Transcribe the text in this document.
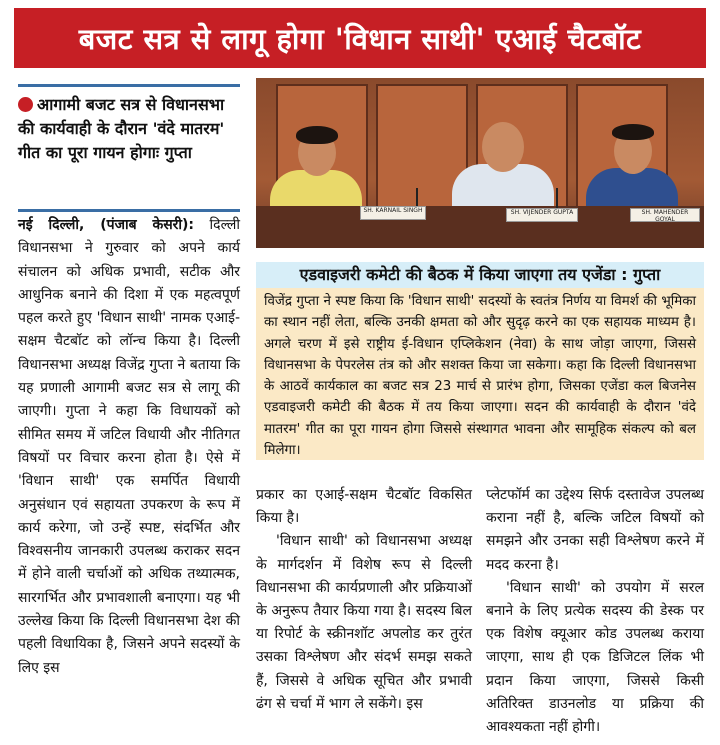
बजट सत्र से लागू होगा 'विधान साथी' एआई चैटबॉट
आगामी बजट सत्र से विधानसभा की कार्यवाही के दौरान 'वंदे मातरम' गीत का पूरा गायन होगाः गुप्ता
नई दिल्ली, (पंजाब केसरी): दिल्ली विधानसभा ने गुरुवार को अपने कार्य संचालन को अधिक प्रभावी, सटीक और आधुनिक बनाने की दिशा में एक महत्वपूर्ण पहल करते हुए 'विधान साथी' नामक एआई-सक्षम चैटबॉट को लॉन्च किया है। दिल्ली विधानसभा अध्यक्ष विजेंद्र गुप्ता ने बताया कि यह प्रणाली आगामी बजट सत्र से लागू की जाएगी। गुप्ता ने कहा कि विधायकों को सीमित समय में जटिल विधायी और नीतिगत विषयों पर विचार करना होता है। ऐसे में 'विधान साथी' एक समर्पित विधायी अनुसंधान एवं सहायता उपकरण के रूप में कार्य करेगा, जो उन्हें स्पष्ट, संदर्भित और विश्वसनीय जानकारी उपलब्ध कराकर सदन में होने वाली चर्चाओं को अधिक तथ्यात्मक, सारगर्भित और प्रभावशाली बनाएगा। यह भी उल्लेख किया कि दिल्ली विधानसभा देश की पहली विधायिका है, जिसने अपने सदस्यों के लिए इस
SH. KARNAIL SINGH	SH. VIJENDER GUPTA	SH. MAHENDER GOYAL
एडवाइजरी कमेटी की बैठक में किया जाएगा तय एजेंडा : गुप्ता
विजेंद्र गुप्ता ने स्पष्ट किया कि 'विधान साथी' सदस्यों के स्वतंत्र निर्णय या विमर्श की भूमिका का स्थान नहीं लेता, बल्कि उनकी क्षमता को और सुदृढ़ करने का एक सहायक माध्यम है। अगले चरण में इसे राष्ट्रीय ई-विधान एप्लिकेशन (नेवा) के साथ जोड़ा जाएगा, जिससे विधानसभा के पेपरलेस तंत्र को और सशक्त किया जा सकेगा। कहा कि दिल्ली विधानसभा के आठवें कार्यकाल का बजट सत्र 23 मार्च से प्रारंभ होगा, जिसका एजेंडा कल बिजनेस एडवाइजरी कमेटी की बैठक में तय किया जाएगा। सदन की कार्यवाही के दौरान 'वंदे मातरम' गीत का पूरा गायन होगा जिससे संस्थागत भावना और सामूहिक संकल्प को बल मिलेगा।
प्रकार का एआई-सक्षम चैटबॉट विकसित किया है।
'विधान साथी' को विधानसभा अध्यक्ष के मार्गदर्शन में विशेष रूप से दिल्ली विधानसभा की कार्यप्रणाली और प्रक्रियाओं के अनुरूप तैयार किया गया है। सदस्य बिल या रिपोर्ट के स्क्रीनशॉट अपलोड कर तुरंत उसका विश्लेषण और संदर्भ समझ सकते हैं, जिससे वे अधिक सूचित और प्रभावी ढंग से चर्चा में भाग ले सकेंगे। इस
प्लेटफॉर्म का उद्देश्य सिर्फ दस्तावेज उपलब्ध कराना नहीं है, बल्कि जटिल विषयों को समझने और उनका सही विश्लेषण करने में मदद करना है।
'विधान साथी' को उपयोग में सरल बनाने के लिए प्रत्येक सदस्य की डेस्क पर एक विशेष क्यूआर कोड उपलब्ध कराया जाएगा, साथ ही एक डिजिटल लिंक भी प्रदान किया जाएगा, जिससे किसी अतिरिक्त डाउनलोड या प्रक्रिया की आवश्यकता नहीं होगी।
